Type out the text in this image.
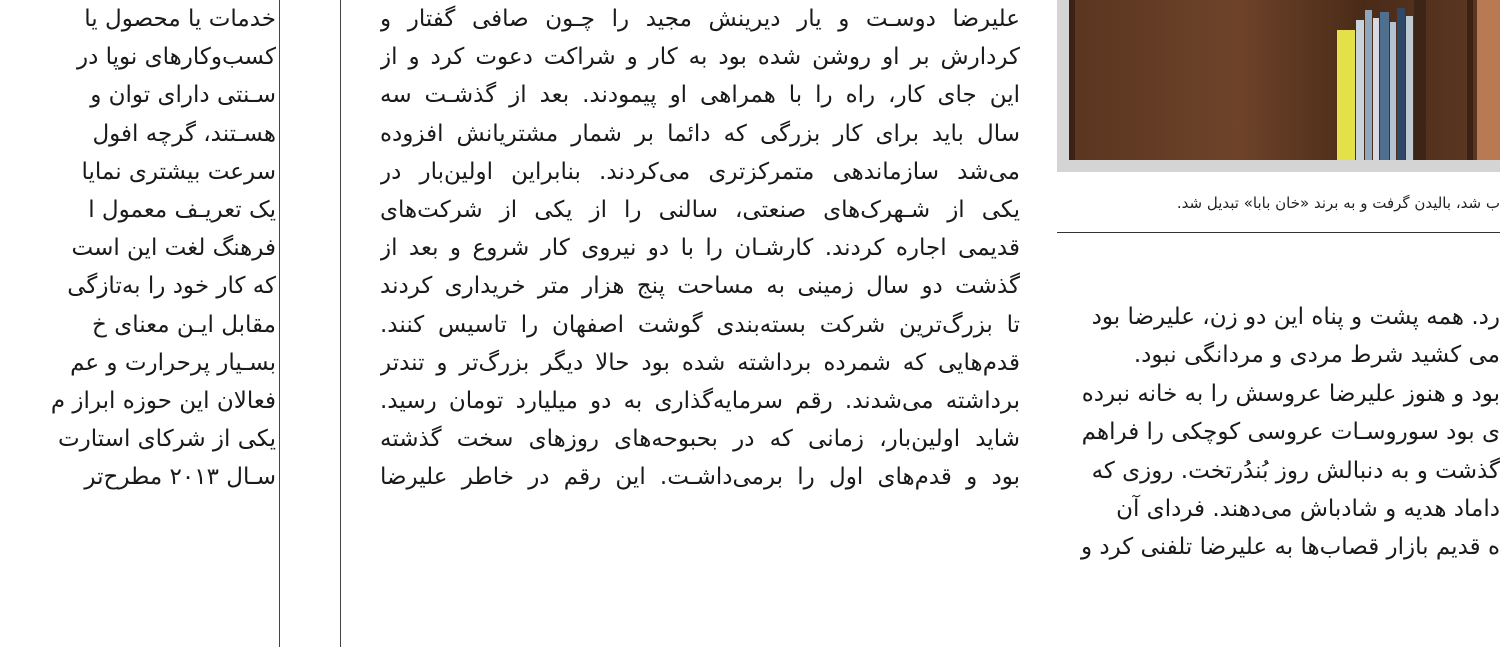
خدمات یا محصول یا
کسب‌وکارهای نوپا در
سـنتی دارای توان و
هسـتند، گرچه افول
سرعت بیشتری نمایا
یک تعریـف معمول ا
فرهنگ لغت این است
که کار خود را به‌تازگی
مقابل ایـن معنای خ
بسـیار پرحرارت و عم
فعالان این حوزه ابراز م
یکی از شرکای استارت
سـال ۲۰۱۳ مطرح‌تر
علیرضا دوسـت و یار دیرینش مجید را چـون صافی گفتار و
کردارش بر او روشن شده بود به کار و شراکت دعوت کرد و از
این جای کار، راه را با همراهی او پیمودند. بعد از گذشـت سه
سال باید برای کار بزرگی که دائما بر شمار مشتریانش افزوده
می‌شد سازماندهی متمرکزتری می‌کردند. بنابراین اولین‌بار در
یکی از شـهرک‌های صنعتی، سالنی را از یکی از شرکت‌های
قدیمی اجاره کردند. کارشـان را با دو نیروی کار شروع و بعد از
گذشت دو سال زمینی به مساحت پنج هزار متر خریداری کردند
تا بزرگ‌ترین شرکت بسته‌بندی گوشت اصفهان را تاسیس کنند.
قدم‌هایی که شمرده برداشته شده بود حالا دیگر بزرگ‌تر و تندتر
برداشته می‌شدند. رقم سرمایه‌گذاری به دو میلیارد تومان رسید.
شاید اولین‌بار، زمانی که در بحبوحه‌های روزهای سخت گذشته
بود و قدم‌های اول را برمی‌داشـت. این رقم در خاطر علیرضا
ب شد، بالیدن گرفت و به برند «خان بابا» تبدیل شد.
رد. همه پشت و پناه این دو زن، علیرضا بود
می کشید شرط مردی و مردانگی نبود.
بود و هنوز علیرضا عروسش را به خانه نبرده
ی بود سوروسـات عروسی کوچکی را فراهم
گذشت و به دنبالش روز بُندُرتخت. روزی که
داماد هدیه و شادباش می‌دهند. فردای آن
ه قدیم بازار قصاب‌ها به علیرضا تلفنی کرد و
